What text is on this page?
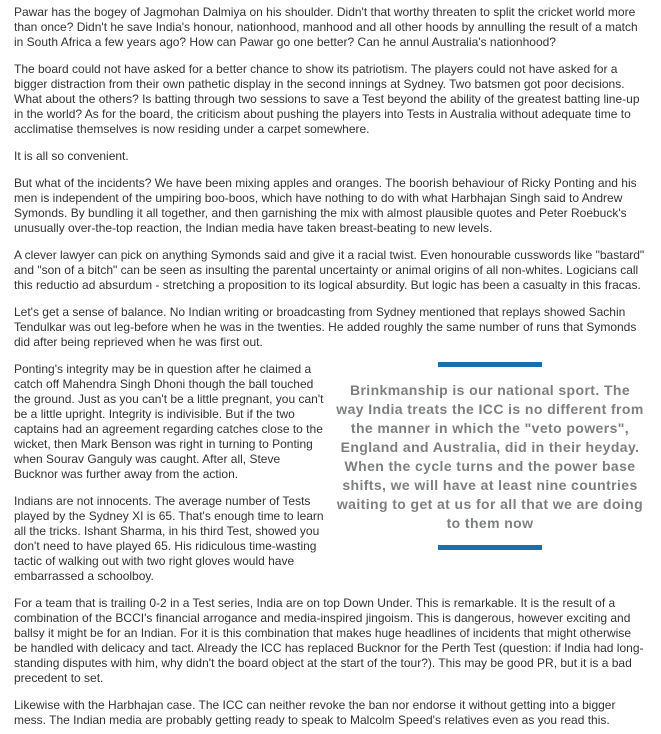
Pawar has the bogey of Jagmohan Dalmiya on his shoulder. Didn't that worthy threaten to split the cricket world more than once? Didn't he save India's honour, nationhood, manhood and all other hoods by annulling the result of a match in South Africa a few years ago? How can Pawar go one better? Can he annul Australia's nationhood?

The board could not have asked for a better chance to show its patriotism. The players could not have asked for a bigger distraction from their own pathetic display in the second innings at Sydney. Two batsmen got poor decisions. What about the others? Is batting through two sessions to save a Test beyond the ability of the greatest batting line-up in the world? As for the board, the criticism about pushing the players into Tests in Australia without adequate time to acclimatise themselves is now residing under a carpet somewhere.

It is all so convenient.

But what of the incidents? We have been mixing apples and oranges. The boorish behaviour of Ricky Ponting and his men is independent of the umpiring boo-boos, which have nothing to do with what Harbhajan Singh said to Andrew Symonds. By bundling it all together, and then garnishing the mix with almost plausible quotes and Peter Roebuck's unusually over-the-top reaction, the Indian media have taken breast-beating to new levels.

A clever lawyer can pick on anything Symonds said and give it a racial twist. Even honourable cusswords like "bastard" and "son of a bitch" can be seen as insulting the parental uncertainty or animal origins of all non-whites. Logicians call this reductio ad absurdum - stretching a proposition to its logical absurdity. But logic has been a casualty in this fracas.

Let's get a sense of balance. No Indian writing or broadcasting from Sydney mentioned that replays showed Sachin Tendulkar was out leg-before when he was in the twenties. He added roughly the same number of runs that Symonds did after being reprieved when he was first out.

Brinkmanship is our national sport. The way India treats the ICC is no different from the manner in which the "veto powers", England and Australia, did in their heyday. When the cycle turns and the power base shifts, we will have at least nine countries waiting to get at us for all that we are doing to them now
Ponting's integrity may be in question after he claimed a catch off Mahendra Singh Dhoni though the ball touched the ground. Just as you can't be a little pregnant, you can't be a little upright. Integrity is indivisible. But if the two captains had an agreement regarding catches close to the wicket, then Mark Benson was right in turning to Ponting when Sourav Ganguly was caught. After all, Steve Bucknor was further away from the action.

Indians are not innocents. The average number of Tests played by the Sydney XI is 65. That's enough time to learn all the tricks. Ishant Sharma, in his third Test, showed you don't need to have played 65. His ridiculous time-wasting tactic of walking out with two right gloves would have embarrassed a schoolboy.

For a team that is trailing 0-2 in a Test series, India are on top Down Under. This is remarkable. It is the result of a combination of the BCCI's financial arrogance and media-inspired jingoism. This is dangerous, however exciting and ballsy it might be for an Indian. For it is this combination that makes huge headlines of incidents that might otherwise be handled with delicacy and tact. Already the ICC has replaced Bucknor for the Perth Test (question: if India had long-standing disputes with him, why didn't the board object at the start of the tour?). This may be good PR, but it is a bad precedent to set.

Likewise with the Harbhajan case. The ICC can neither revoke the ban nor endorse it without getting into a bigger mess. The Indian media are probably getting ready to speak to Malcolm Speed's relatives even as you read this.
